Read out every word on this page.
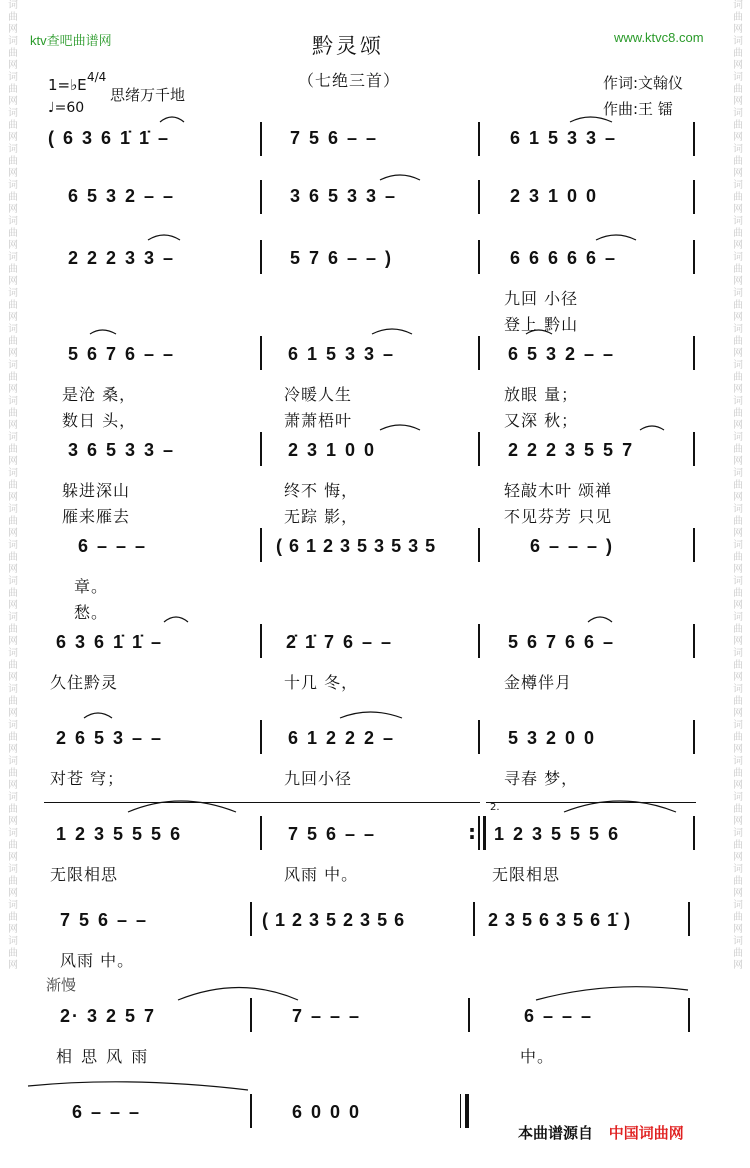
词 曲 网 词 曲 网 词 曲 网 词 曲 网 词 曲 网 词 曲 网 词 曲 网 词 曲 网 词 曲 网 词 曲 网 词 曲 网 词 曲 网 词 曲 网 词 曲 网 词 曲 网 词 曲 网 词 曲 网 词 曲 网 词 曲 网 词 曲 网 词 曲 网 词 曲 网 词 曲 网 词 曲 网 词 曲 网 词 曲 网 词 曲 网
词 曲 网 词 曲 网 词 曲 网 词 曲 网 词 曲 网 词 曲 网 词 曲 网 词 曲 网 词 曲 网 词 曲 网 词 曲 网 词 曲 网 词 曲 网 词 曲 网 词 曲 网 词 曲 网 词 曲 网 词 曲 网 词 曲 网 词 曲 网 词 曲 网 词 曲 网 词 曲 网 词 曲 网 词 曲 网 词 曲 网 词 曲 网
ktv查吧曲谱网	www.ktvc8.com
黔灵颂
（七绝三首）
1=♭E 4/4
思绪万千地
♩=60
作词:文翰仪
作曲:王 镭
( 6 3 6 1̇ 1̇ –	7 5 6 – –	6 1 5 3 3 –
6 5 3 2 – –	3 6 5 3 3 –	2 3 1 0 0
2 2 2 3 3 –	5 7 6 – – )	6 6 6 6 6 –
九回 小径
登上 黔山
5 6 7 6 – –	6 1 5 3 3 –	6 5 3 2 – –
是沧 桑，	冷暖人生	放眼 量；
数日 头，	萧萧梧叶	又深 秋；
3 6 5 3 3 –	2 3 1 0 0	2 2 2 3 5 5 7
躲进深山	终不 悔，	轻敲木叶 颂禅
雁来雁去	无踪 影，	不见芬芳 只见
6 – – –	( 6 1 2 3 5 3 5 3 5	6 – – – )
章。
愁。
6 3 6 1̇ 1̇ –	2̇ 1̇ 7 6 – –	5 6 7 6 6 –
久住黔灵	十几 冬，	金樽伴月
2 6 5 3 – –	6 1 2 2 2 –	5 3 2 0 0
对苍 穹；	九回小径	寻春 梦，
2.
1 2 3 5 5 5 6	7 5 6 – –	1 2 3 5 5 5 6
:
无限相思	风雨 中。	无限相思
7 5 6 – –	( 1 2 3 5 2 3 5 6	2 3 5 6 3 5 6 1̇ )
风雨 中。
渐慢
2· 3 2 5 7	7 – – –	6 – – –
相 思 风 雨	中。
6 – – –	6 0 0 0
本曲谱源自 中国词曲网
